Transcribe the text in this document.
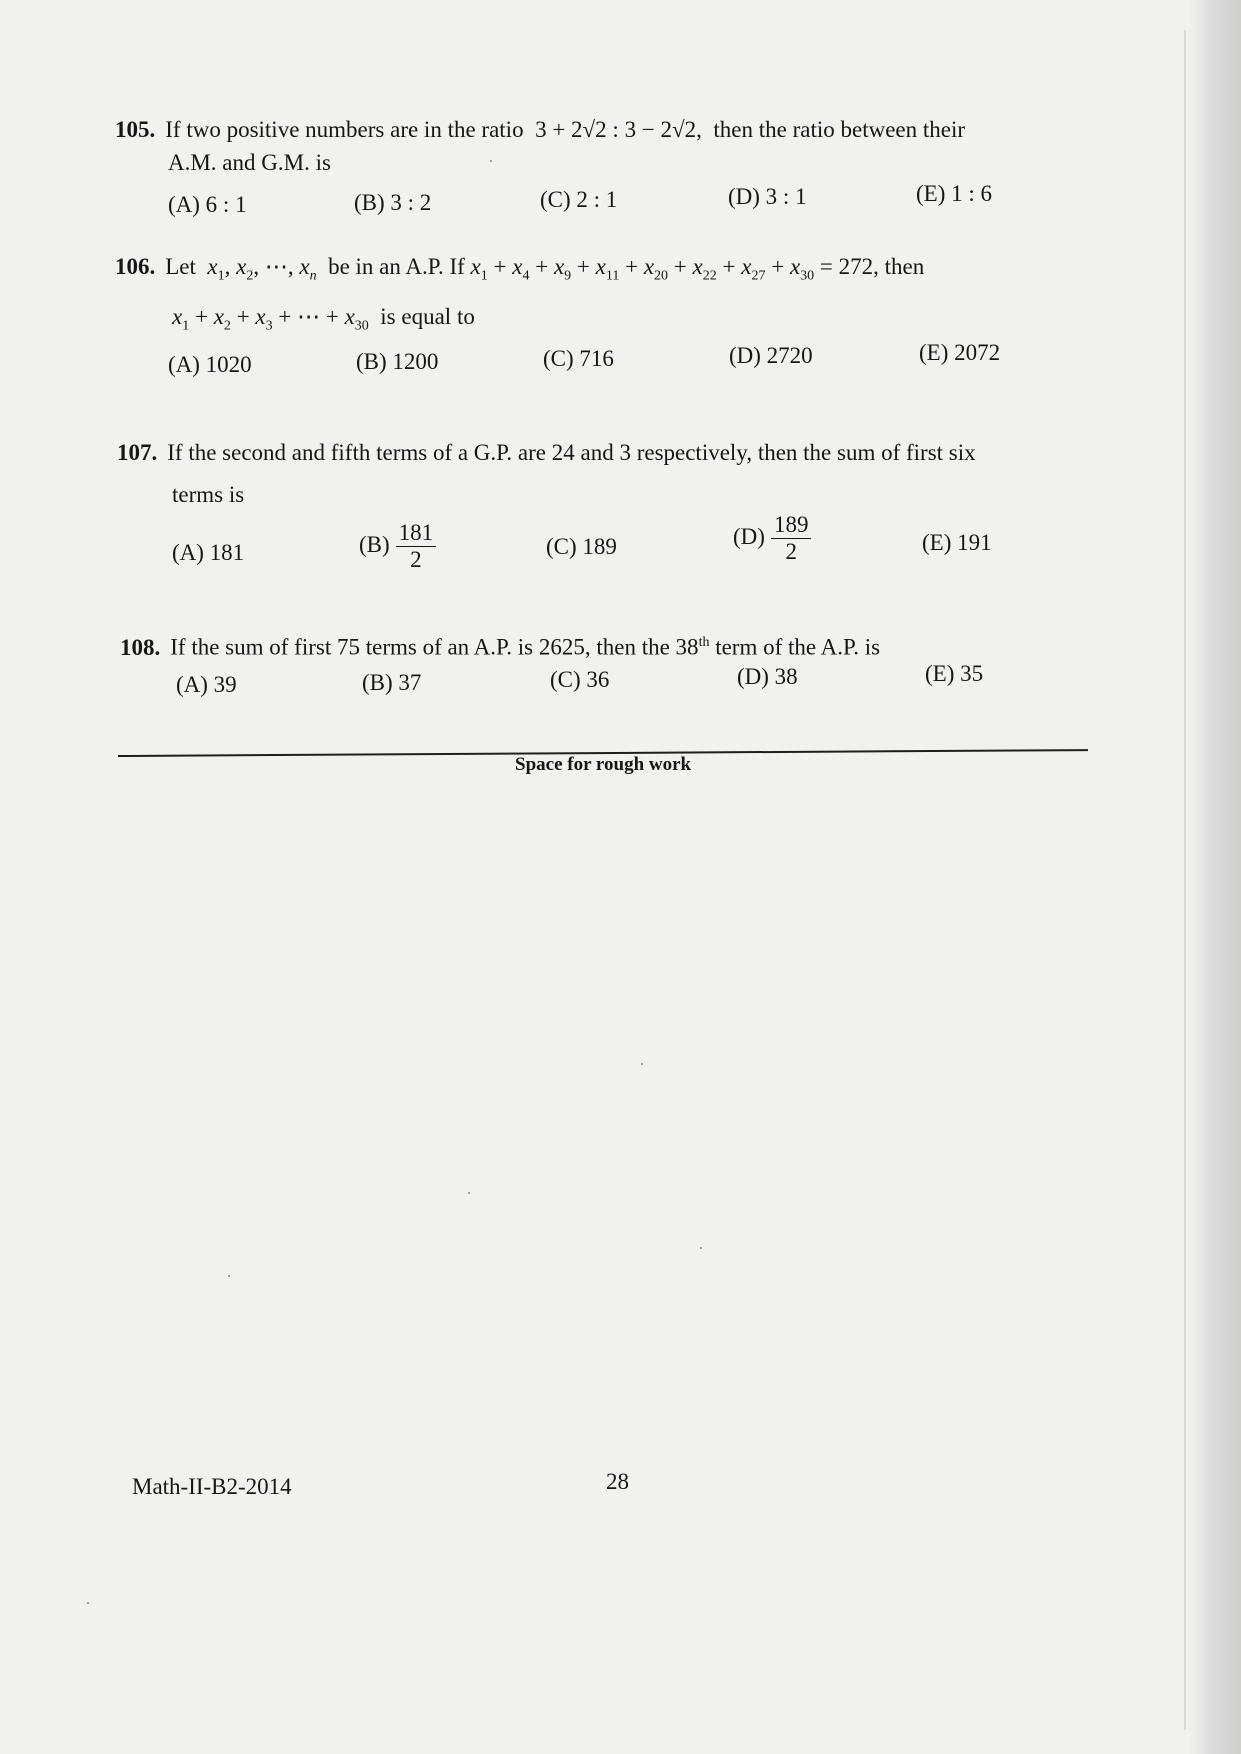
105. If two positive numbers are in the ratio 3 + 2√2 : 3 − 2√2, then the ratio between their
A.M. and G.M. is
(A) 6 : 1	(B) 3 : 2	(C) 2 : 1	(D) 3 : 1	(E) 1 : 6
106. Let $x_1$, $x_2$, ⋯, $x_n$ be in an A.P. If $x_1 + x_4 + x_9 + x_{11} + x_{20} + x_{22} + x_{27} + x_{30} = 272$, then
$x_1 + x_2 + x_3$ + ⋯ + $x_{30}$ is equal to
(A) 1020	(B) 1200	(C) 716	(D) 2720	(E) 2072
107. If the second and fifth terms of a G.P. are 24 and 3 respectively, then the sum of first six
terms is
(A) 181	$(B) \frac{181}{2}$	(C) 189	$(D) \frac{189}{2}$	(E) 191
108. If the sum of first 75 terms of an A.P. is 2625, then the 38th term of the A.P. is
(A) 39	(B) 37	(C) 36	(D) 38	(E) 35
Space for rough work
Math-II-B2-2014	28
